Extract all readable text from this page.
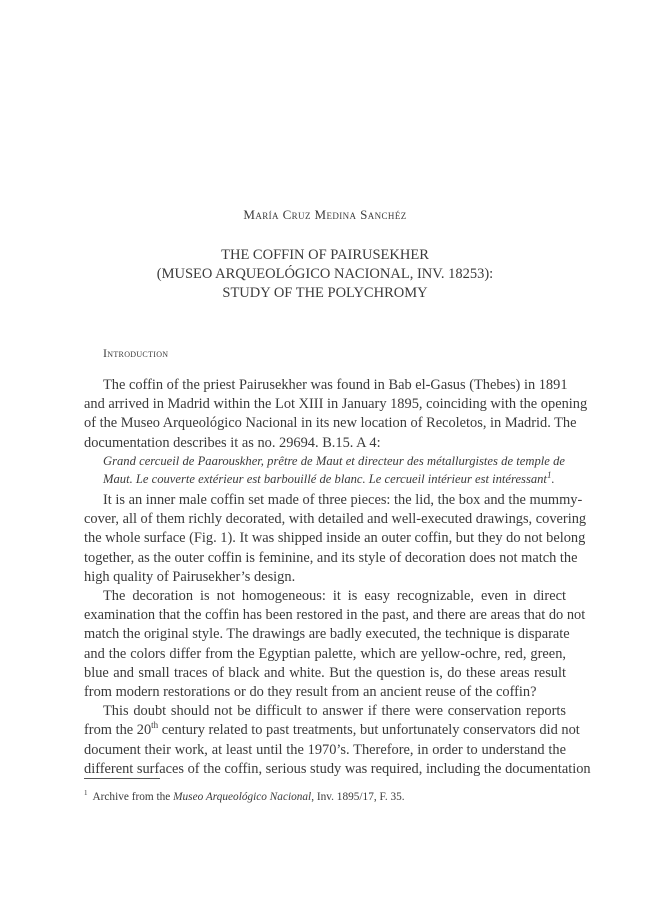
María Cruz Medina Sanchéz
THE COFFIN OF PAIRUSEKHER
(MUSEO ARQUEOLÓGICO NACIONAL, INV. 18253):
STUDY OF THE POLYCHROMY
Introduction
The coffin of the priest Pairusekher was found in Bab el-Gasus (Thebes) in 1891
and arrived in Madrid within the Lot XIII in January 1895, coinciding with the opening
of the Museo Arqueológico Nacional in its new location of Recoletos, in Madrid. The
documentation describes it as no. 29694. B.15. A 4:
Grand cercueil de Paarouskher, prêtre de Maut et directeur des métallurgistes de temple de
Maut. Le couverte extérieur est barbouillé de blanc. Le cercueil intérieur est intéressant$^1$.
It is an inner male coffin set made of three pieces: the lid, the box and the mummy-
cover, all of them richly decorated, with detailed and well-executed drawings, covering
the whole surface (Fig. 1). It was shipped inside an outer coffin, but they do not belong
together, as the outer coffin is feminine, and its style of decoration does not match the
high quality of Pairusekher’s design.
The decoration is not homogeneous: it is easy recognizable, even in direct
examination that the coffin has been restored in the past, and there are areas that do not
match the original style. The drawings are badly executed, the technique is disparate
and the colors differ from the Egyptian palette, which are yellow-ochre, red, green,
blue and small traces of black and white. But the question is, do these areas result
from modern restorations or do they result from an ancient reuse of the coffin?
This doubt should not be difficult to answer if there were conservation reports
from the 20th century related to past treatments, but unfortunately conservators did not
document their work, at least until the 1970’s. Therefore, in order to understand the
different surfaces of the coffin, serious study was required, including the documentation
$^1$ Archive from the Museo Arqueológico Nacional, Inv. 1895/17, F. 35.
